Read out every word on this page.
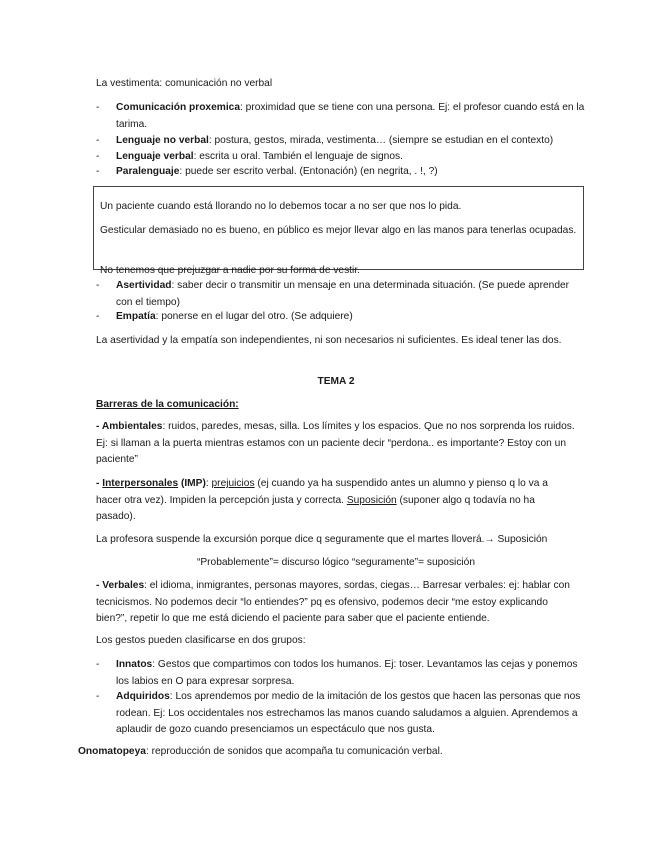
La vestimenta: comunicación no verbal

-	Comunicación proxemica: proximidad que se tiene con una persona. Ej: el profesor cuando está en la tarima.
-	Lenguaje no verbal: postura, gestos, mirada, vestimenta… (siempre se estudian en el contexto)
-	Lenguaje verbal: escrita u oral. También el lenguaje de signos.
-	Paralenguaje: puede ser escrito verbal. (Entonación) (en negrita, . !, ?)

Un paciente cuando está llorando no lo debemos tocar a no ser que nos lo pida.

Gesticular demasiado no es bueno, en público es mejor llevar algo en las manos para tenerlas ocupadas.

No tenemos que prejuzgar a nadie por su forma de vestir.

-	Asertividad: saber decir o transmitir un mensaje en una determinada situación. (Se puede aprender con el tiempo)
-	Empatía: ponerse en el lugar del otro. (Se adquiere)

La asertividad y la empatía son independientes, ni son necesarios ni suficientes. Es ideal tener las dos.

TEMA 2

Barreras de la comunicación:

- Ambientales: ruidos, paredes, mesas, silla. Los límites y los espacios. Que no nos sorprenda los ruidos. Ej: si llaman a la puerta mientras estamos con un paciente decir “perdona.. es importante? Estoy con un paciente”

- Interpersonales (IMP): prejuicios (ej cuando ya ha suspendido antes un alumno y pienso q lo va a hacer otra vez). Impiden la percepción justa y correcta. Suposición (suponer algo q todavía no ha pasado).

La profesora suspende la excursión porque dice q seguramente que el martes lloverá.→ Suposición

“Probablemente”= discurso lógico “seguramente”= suposición

- Verbales: el idioma, inmigrantes, personas mayores, sordas, ciegas… Barresar verbales: ej: hablar con tecnicismos. No podemos decir “lo entiendes?” pq es ofensivo, podemos decir “me estoy explicando bien?”, repetir lo que me está diciendo el paciente para saber que el paciente entiende.

Los gestos pueden clasificarse en dos grupos:

-	Innatos: Gestos que compartimos con todos los humanos. Ej: toser. Levantamos las cejas y ponemos los labios en O para expresar sorpresa.
-	Adquiridos: Los aprendemos por medio de la imitación de los gestos que hacen las personas que nos rodean. Ej: Los occidentales nos estrechamos las manos cuando saludamos a alguien. Aprendemos a aplaudir de gozo cuando presenciamos un espectáculo que nos gusta.

Onomatopeya: reproducción de sonidos que acompaña tu comunicación verbal.
